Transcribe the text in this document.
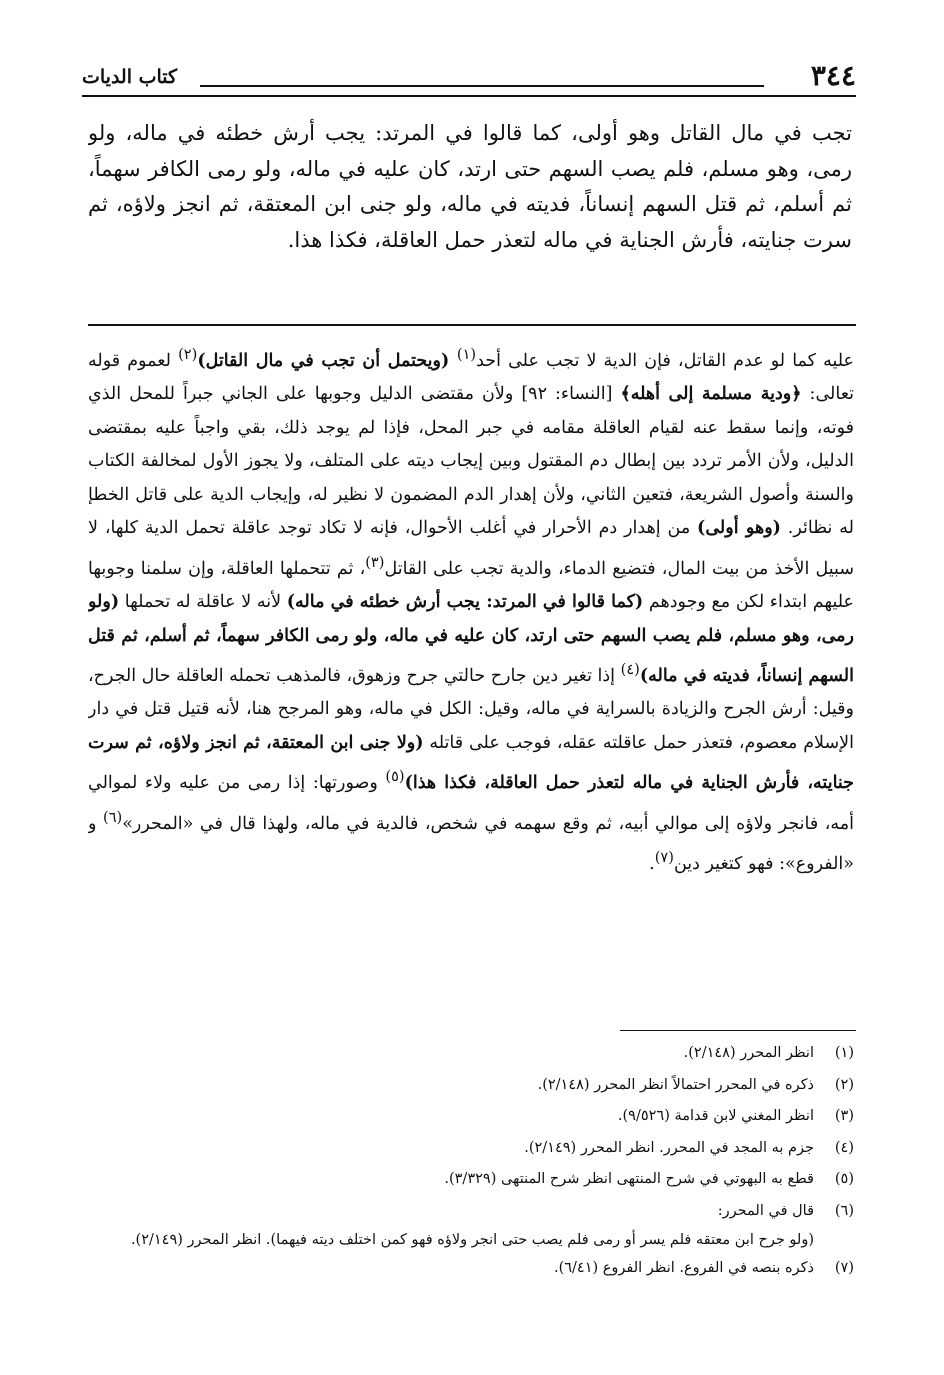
٣٤٤
كتاب الديات
تجب في مال القاتل وهو أولى، كما قالوا في المرتد: يجب أرش خطئه في ماله، ولو رمى، وهو مسلم، فلم يصب السهم حتى ارتد، كان عليه في ماله، ولو رمى الكافر سهماً، ثم أسلم، ثم قتل السهم إنساناً، فديته في ماله، ولو جنى ابن المعتقة، ثم انجز ولاؤه، ثم سرت جنايته، فأرش الجناية في ماله لتعذر حمل العاقلة، فكذا هذا.

عليه كما لو عدم القاتل، فإن الدية لا تجب على أحد$^{(١)}$ (ويحتمل أن تجب في مال القاتل)$^{(٢)}$ لعموم قوله تعالى: ﴿ودية مسلمة إلى أهله﴾ [النساء: ٩٢] ولأن مقتضى الدليل وجوبها على الجاني جبراً للمحل الذي فوته، وإنما سقط عنه لقيام العاقلة مقامه في جبر المحل، فإذا لم يوجد ذلك، بقي واجباً عليه بمقتضى الدليل، ولأن الأمر تردد بين إبطال دم المقتول وبين إيجاب ديته على المتلف، ولا يجوز الأول لمخالفة الكتاب والسنة وأصول الشريعة، فتعين الثاني، ولأن إهدار الدم المضمون لا نظير له، وإيجاب الدية على قاتل الخطإ له نظائر. (وهو أولى) من إهدار دم الأحرار في أغلب الأحوال، فإنه لا تكاد توجد عاقلة تحمل الدية كلها، لا سبيل الأخذ من بيت المال، فتضيع الدماء، والدية تجب على القاتل$^{(٣)}$، ثم تتحملها العاقلة، وإن سلمنا وجوبها عليهم ابتداء لكن مع وجودهم (كما قالوا في المرتد: يجب أرش خطئه في ماله) لأنه لا عاقلة له تحملها (ولو رمى، وهو مسلم، فلم يصب السهم حتى ارتد، كان عليه في ماله، ولو رمى الكافر سهماً، ثم أسلم، ثم قتل السهم إنساناً، فديته في ماله)$^{(٤)}$ إذا تغير دين جارح حالتي جرح وزهوق، فالمذهب تحمله العاقلة حال الجرح، وقيل: أرش الجرح والزيادة بالسراية في ماله، وقيل: الكل في ماله، وهو المرجح هنا، لأنه قتيل قتل في دار الإسلام معصوم، فتعذر حمل عاقلته عقله، فوجب على قاتله (ولا جنى ابن المعتقة، ثم انجز ولاؤه، ثم سرت جنايته، فأرش الجناية في ماله لتعذر حمل العاقلة، فكذا هذا)$^{(٥)}$ وصورتها: إذا رمى من عليه ولاء لموالي أمه، فانجر ولاؤه إلى موالي أبيه، ثم وقع سهمه في شخص، فالدية في ماله، ولهذا قال في «المحرر»$^{(٦)}$ و «الفروع»: فهو كتغير دين$^{(٧)}$.

(١)
انظر المحرر (٢/١٤٨).
(٢)
ذكره في المحرر احتمالاً انظر المحرر (٢/١٤٨).
(٣)
انظر المغني لابن قدامة (٩/٥٢٦).
(٤)
جزم به المجد في المحرر. انظر المحرر (٢/١٤٩).
(٥)
قطع به البهوتي في شرح المنتهى انظر شرح المنتهى (٣/٣٢٩).
(٦)
قال في المحرر:
(ولو جرح ابن معتقه فلم يسر أو رمى فلم يصب حتى انجر ولاؤه فهو كمن اختلف ديته فيهما). انظر المحرر (٢/١٤٩).
(٧)
ذكره بنصه في الفروع. انظر الفروع (٦/٤١).
